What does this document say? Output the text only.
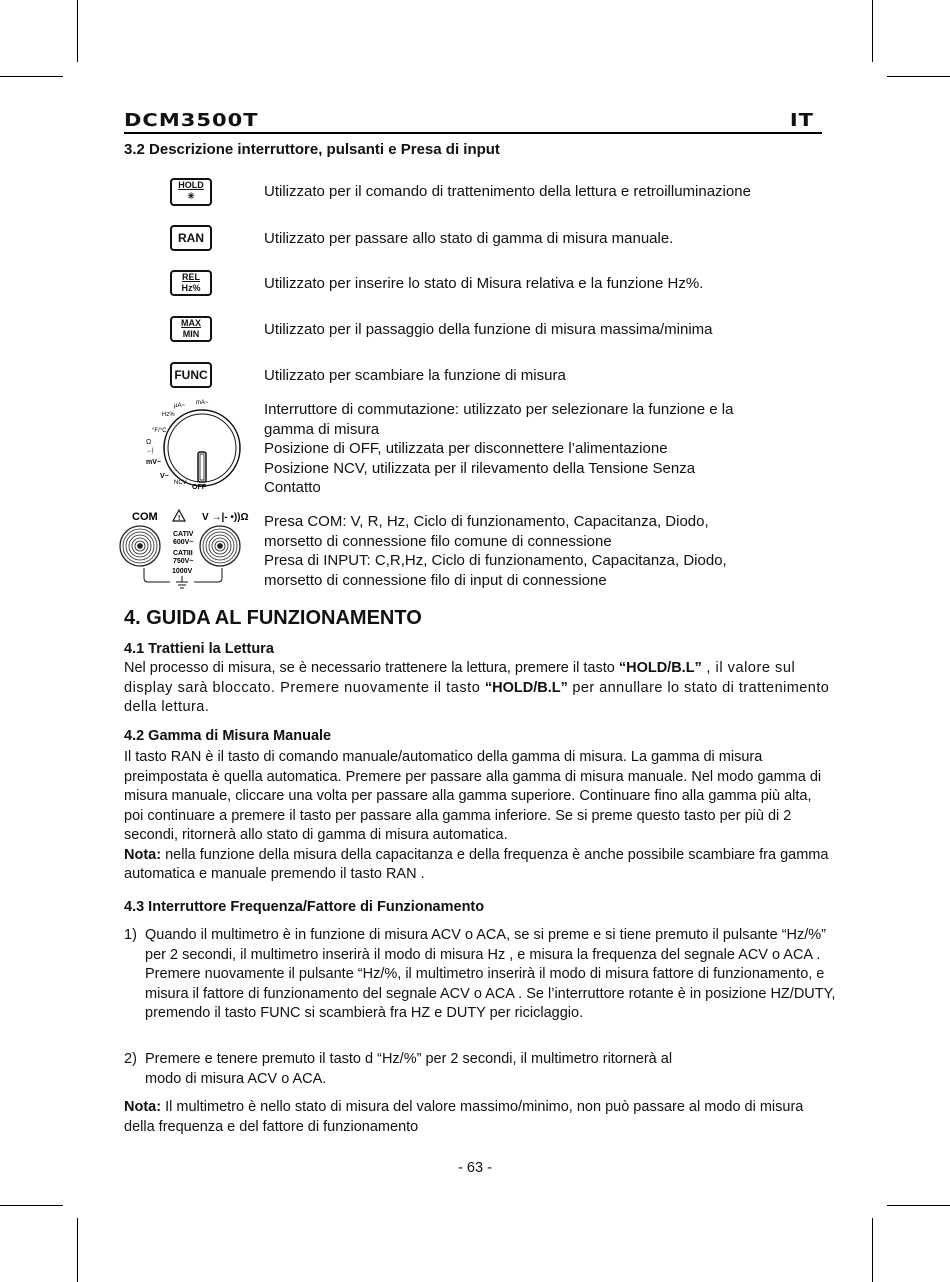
DCM3500T	IT
3.2 Descrizione interruttore, pulsanti e Presa di input
HOLD
✳	Utilizzato per il comando di trattenimento della lettura e retroilluminazione
RAN	Utilizzato per passare allo stato di gamma di misura manuale.
REL
Hz%	Utilizzato per inserire lo stato di Misura relativa e la funzione Hz%.
MAX
MIN	Utilizzato per il passaggio della funzione di misura massima/minima
FUNC	Utilizzato per scambiare la funzione di misura
mA~
µA~
Hz%
°F/°C
Ω
→|
mV~
V~
NCV
OFF
Interruttore di commutazione: utilizzato per selezionare la funzione e la
gamma di misura
Posizione di OFF, utilizzata per disconnettere l’alimentazione
Posizione NCV, utilizzata per il rilevamento della Tensione Senza
Contatto
COM	! V →|- •))Ω
CATIV
600V~
CATIII
750V~
1000V
Presa COM: V, R, Hz, Ciclo di funzionamento, Capacitanza, Diodo,
morsetto di connessione filo comune di connessione
Presa di INPUT: C,R,Hz, Ciclo di funzionamento, Capacitanza, Diodo,
morsetto di connessione filo di input di connessione
4. GUIDA AL FUNZIONAMENTO
4.1 Trattieni la Lettura
Nel processo di misura, se è necessario trattenere la lettura, premere il tasto “HOLD/B.L” , il valore sul display sarà bloccato. Premere nuovamente il tasto “HOLD/B.L” per annullare lo stato di trattenimento della lettura.
4.2 Gamma di Misura Manuale
Il tasto RAN è il tasto di comando manuale/automatico della gamma di misura. La gamma di misura preimpostata è quella automatica. Premere per passare alla gamma di misura manuale. Nel modo gamma di misura manuale, cliccare una volta per passare alla gamma superiore. Continuare fino alla gamma più alta, poi continuare a premere il tasto per passare alla gamma inferiore. Se si preme questo tasto per più di 2 secondi, ritornerà allo stato di gamma di misura automatica.
Nota: nella funzione della misura della capacitanza e della frequenza è anche possibile scambiare fra gamma automatica e manuale premendo il tasto RAN .
4.3 Interruttore Frequenza/Fattore di Funzionamento
1) Quando il multimetro è in funzione di misura ACV o ACA, se si preme e si tiene premuto il pulsante “Hz/%” per 2 secondi, il multimetro inserirà il modo di misura Hz , e misura la frequenza del segnale ACV o ACA . Premere nuovamente il pulsante “Hz/%, il multimetro inserirà il modo di misura fattore di funzionamento, e misura il fattore di funzionamento del segnale ACV o ACA . Se l’interruttore rotante è in posizione HZ/DUTY, premendo il tasto FUNC si scambierà fra HZ e DUTY per riciclaggio.
2) Premere e tenere premuto il tasto d “Hz/%” per 2 secondi, il multimetro ritornerà al
modo di misura ACV o ACA.
Nota: Il multimetro è nello stato di misura del valore massimo/minimo, non può passare al modo di misura della frequenza e del fattore di funzionamento
- 63 -
